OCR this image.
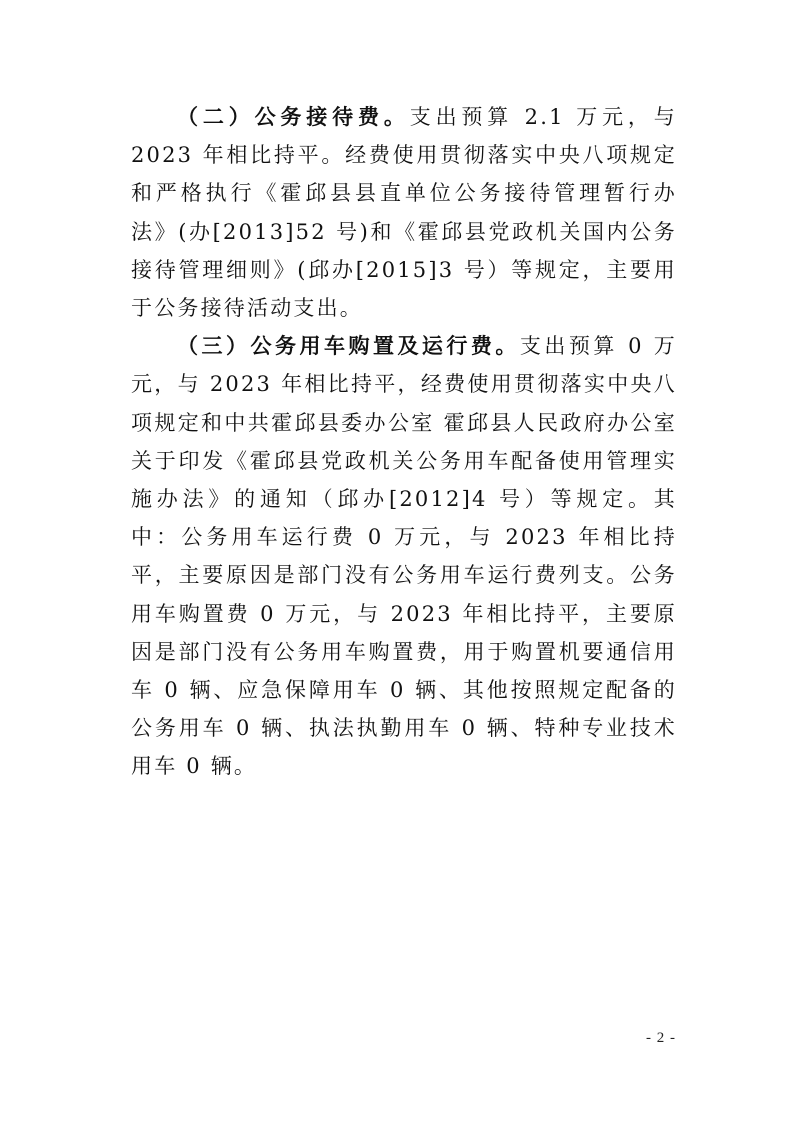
（二）公务接待费。支出预算 2.1 万元，与 2023 年相比持平。经费使用贯彻落实中央八项规定和严格执行《霍邱县县直单位公务接待管理暂行办法》(办[2013]52 号)和《霍邱县党政机关国内公务接待管理细则》(邱办[2015]3 号）等规定，主要用于公务接待活动支出。

（三）公务用车购置及运行费。支出预算 0 万元，与 2023 年相比持平，经费使用贯彻落实中央八项规定和中共霍邱县委办公室 霍邱县人民政府办公室关于印发《霍邱县党政机关公务用车配备使用管理实施办法》的通知（邱办[2012]4 号）等规定。其中：公务用车运行费 0 万元，与 2023 年相比持平，主要原因是部门没有公务用车运行费列支。公务用车购置费 0 万元，与 2023 年相比持平，主要原因是部门没有公务用车购置费，用于购置机要通信用车 0 辆、应急保障用车 0 辆、其他按照规定配备的公务用车 0 辆、执法执勤用车 0 辆、特种专业技术用车 0 辆。

- 2 -
